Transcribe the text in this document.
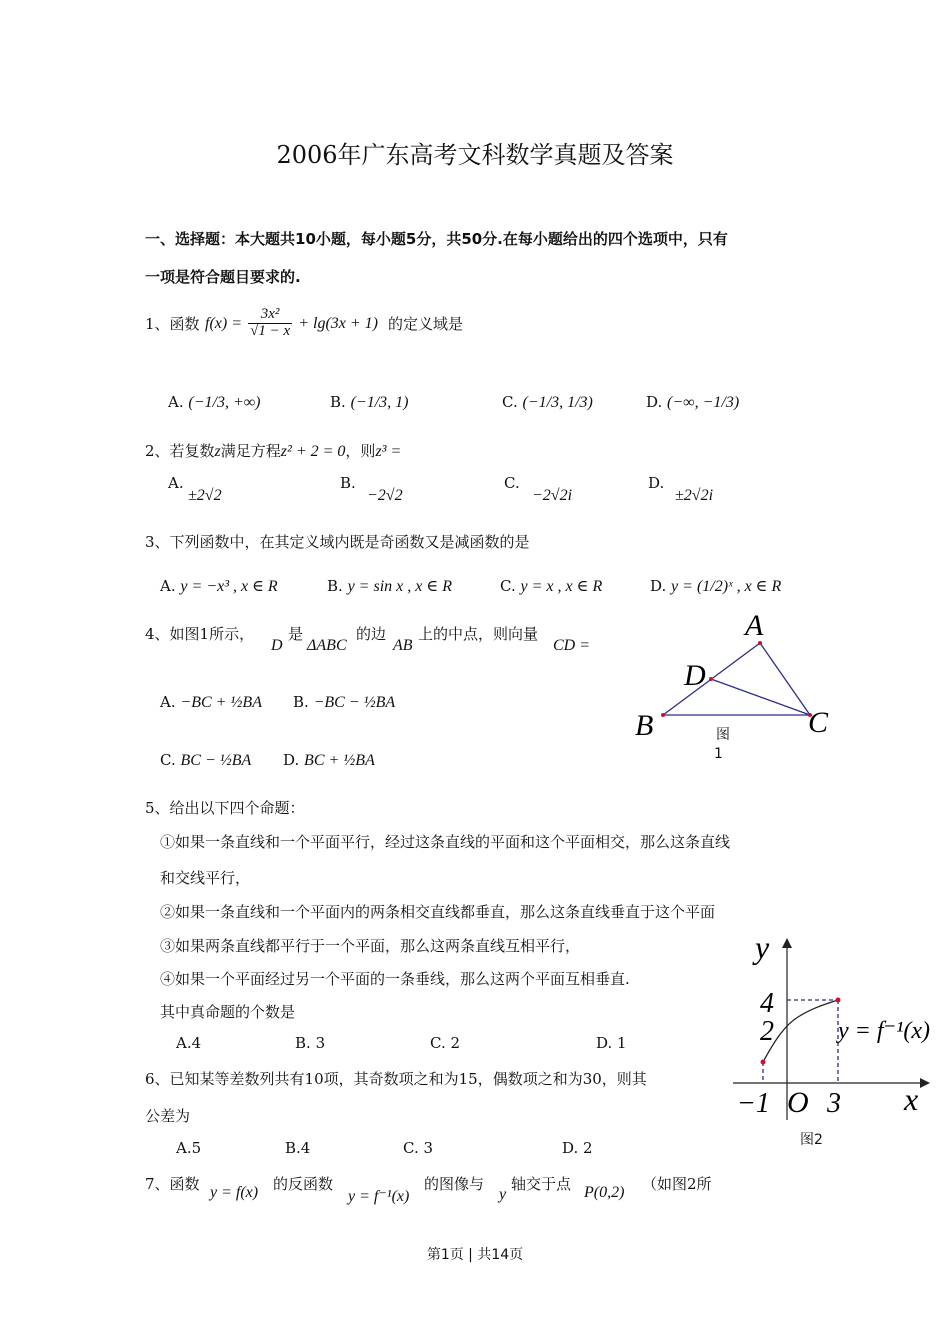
2006年广东高考文科数学真题及答案
一、选择题：本大题共10小题，每小题5分，共50分.在每小题给出的四个选项中，只有
一项是符合题目要求的.
1、函数 $f(x) = \frac{\text{3x²}}{√1 - x} + \lg(3x + 1)$ 的定义域是
A. (−1/3, +∞)	B. (−1/3, 1)	C. (−1/3, 1/3)	D. (−∞, −1/3)
2、若复数z满足方程z² + 2 = 0，则z³ =
A.
±2√2
B.
−2√2
C.
−2√2i
D.
±2√2i
3、下列函数中，在其定义域内既是奇函数又是减函数的是
A. y = −x³ , x ∈ R	B. y = sin x , x ∈ R	C. y = x , x ∈ R	D. y = (1/2)ˣ , x ∈ R
4、如图1所示，
D
是
ΔABC
的边
AB
上的中点，则向量
CD =
A. −BC + ½BA B. −BC − ½BA
C. BC − ½BA D. BC + ½BA
A
B	C
D
图
1
5、给出以下四个命题：
①如果一条直线和一个平面平行，经过这条直线的平面和这个平面相交，那么这条直线
和交线平行，
②如果一条直线和一个平面内的两条相交直线都垂直，那么这条直线垂直于这个平面
③如果两条直线都平行于一个平面，那么这两条直线互相平行，
④如果一个平面经过另一个平面的一条垂线，那么这两个平面互相垂直.
其中真命题的个数是
A.4	B. 3	C. 2	D. 1
6、已知某等差数列共有10项，其奇数项之和为15，偶数项之和为30，则其
公差为
A.5	B.4	C. 3	D. 2
7、函数 y = f(x) 的反函数
y = f⁻¹(x)
的图像与
y
轴交于点 P(0,2) （如图2所
y
x
O
4
2
−1 3
y = f⁻¹(x)
图2
第1页 | 共14页
